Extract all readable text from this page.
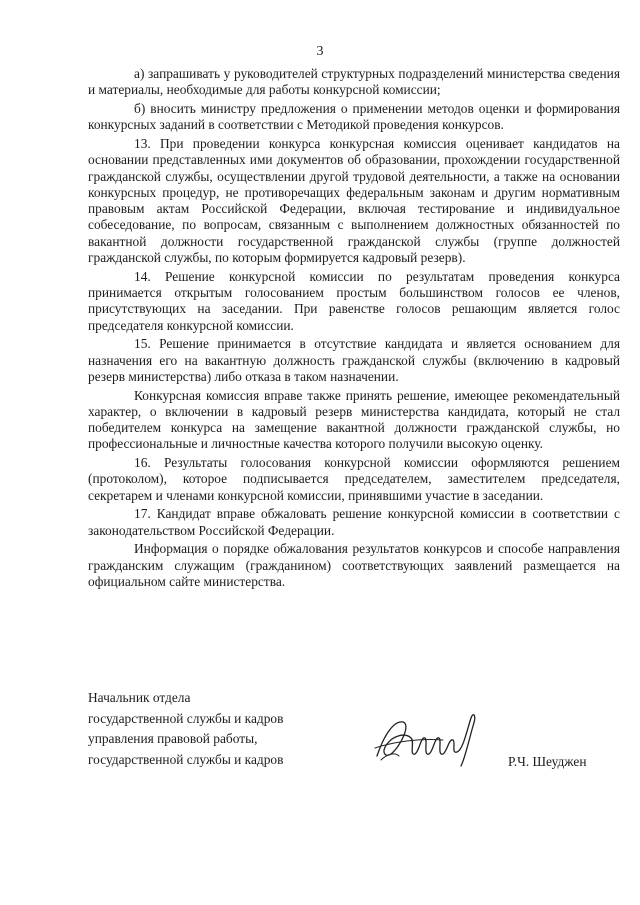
3

а) запрашивать у руководителей структурных подразделений министерства сведения и материалы, необходимые для работы конкурсной комиссии;

б) вносить министру предложения о применении методов оценки и формирования конкурсных заданий в соответствии с Методикой проведения конкурсов.

13. При проведении конкурса конкурсная комиссия оценивает кандидатов на основании представленных ими документов об образовании, прохождении государственной гражданской службы, осуществлении другой трудовой деятельности, а также на основании конкурсных процедур, не противоречащих федеральным законам и другим нормативным правовым актам Российской Федерации, включая тестирование и индивидуальное собеседование, по вопросам, связанным с выполнением должностных обязанностей по вакантной должности государственной гражданской службы (группе должностей гражданской службы, по которым формируется кадровый резерв).

14. Решение конкурсной комиссии по результатам проведения конкурса принимается открытым голосованием простым большинством голосов ее членов, присутствующих на заседании. При равенстве голосов решающим является голос председателя конкурсной комиссии.

15. Решение принимается в отсутствие кандидата и является основанием для назначения его на вакантную должность гражданской службы (включению в кадровый резерв министерства) либо отказа в таком назначении.

Конкурсная комиссия вправе также принять решение, имеющее рекомендательный характер, о включении в кадровый резерв министерства кандидата, который не стал победителем конкурса на замещение вакантной должности гражданской службы, но профессиональные и личностные качества которого получили высокую оценку.

16. Результаты голосования конкурсной комиссии оформляются решением (протоколом), которое подписывается председателем, заместителем председателя, секретарем и членами конкурсной комиссии, принявшими участие в заседании.

17. Кандидат вправе обжаловать решение конкурсной комиссии в соответствии с законодательством Российской Федерации.

Информация о порядке обжалования результатов конкурсов и способе направления гражданским служащим (гражданином) соответствующих заявлений размещается на официальном сайте министерства.

Начальник отдела
государственной службы и кадров
управления правовой работы,
государственной службы и кадров	Р.Ч. Шеуджен
